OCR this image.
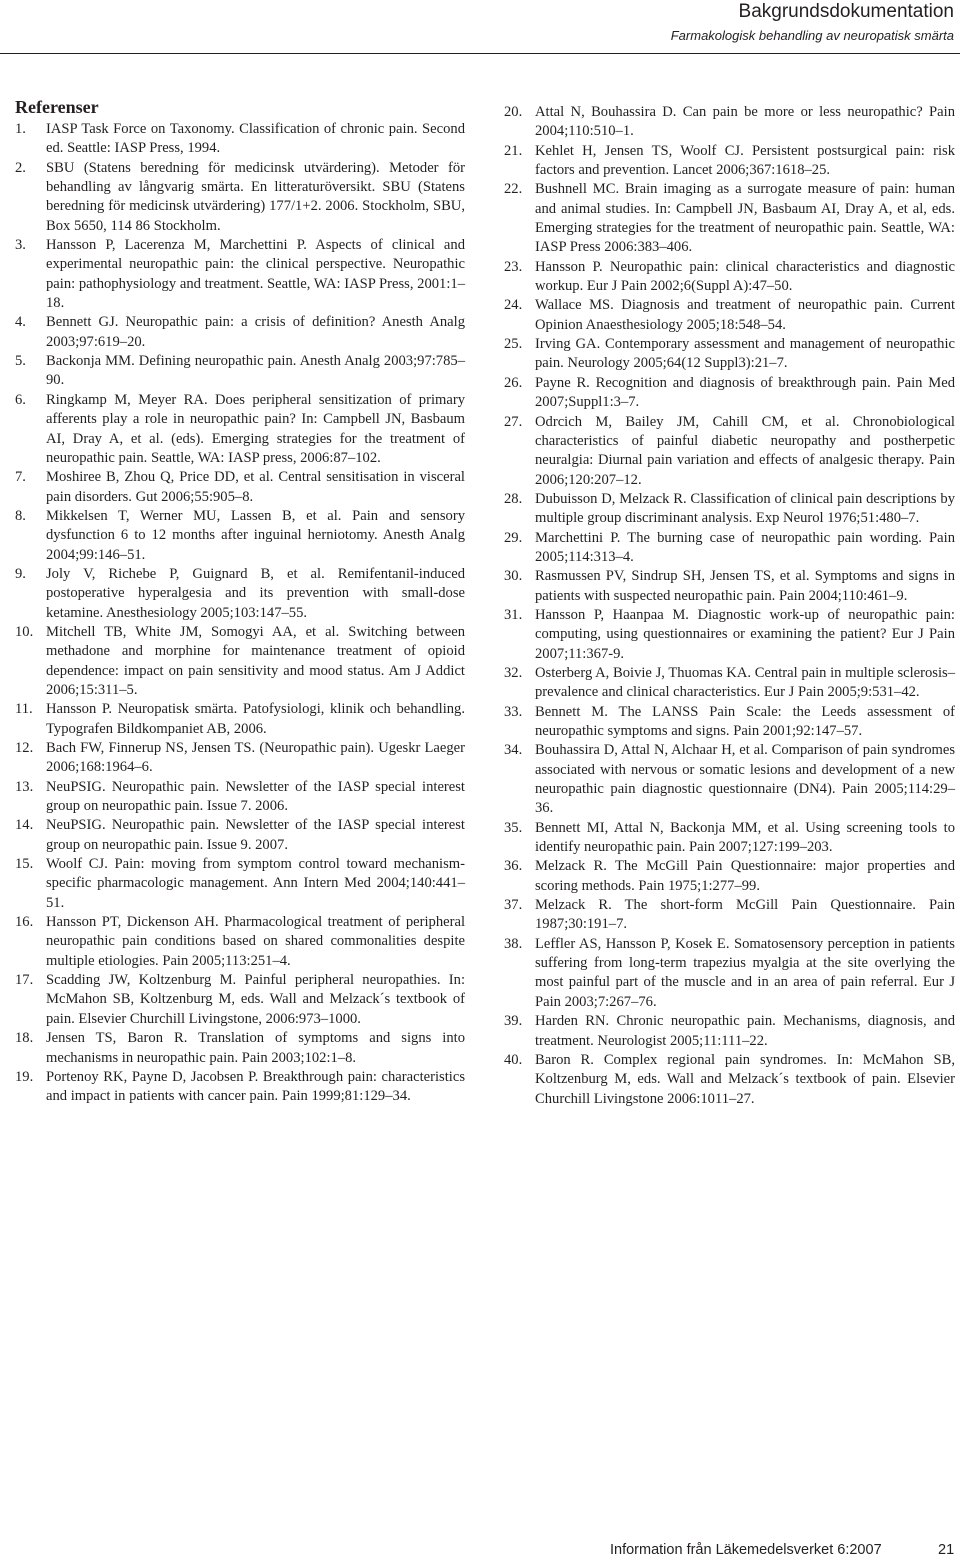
Bakgrundsdokumentation
Farmakologisk behandling av neuropatisk smärta
Referenser
1. IASP Task Force on Taxonomy. Classification of chronic pain. Second ed. Seattle: IASP Press, 1994.
2. SBU (Statens beredning för medicinsk utvärdering). Metoder för behandling av långvarig smärta. En litteraturöversikt. SBU (Statens beredning för medicinsk utvärdering) 177/1+2. 2006. Stockholm, SBU, Box 5650, 114 86 Stockholm.
3. Hansson P, Lacerenza M, Marchettini P. Aspects of clinical and experimental neuropathic pain: the clinical perspective. Neuropathic pain: pathophysiology and treatment. Seattle, WA: IASP Press, 2001:1–18.
4. Bennett GJ. Neuropathic pain: a crisis of definition? Anesth Analg 2003;97:619–20.
5. Backonja MM. Defining neuropathic pain. Anesth Analg 2003;97:785–90.
6. Ringkamp M, Meyer RA. Does peripheral sensitization of primary afferents play a role in neuropathic pain? In: Campbell JN, Basbaum AI, Dray A, et al. (eds). Emerging strategies for the treatment of neuropathic pain. Seattle, WA: IASP press, 2006:87–102.
7. Moshiree B, Zhou Q, Price DD, et al. Central sensitisation in visceral pain disorders. Gut 2006;55:905–8.
8. Mikkelsen T, Werner MU, Lassen B, et al. Pain and sensory dysfunction 6 to 12 months after inguinal herniotomy. Anesth Analg 2004;99:146–51.
9. Joly V, Richebe P, Guignard B, et al. Remifentanil-induced postoperative hyperalgesia and its prevention with small-dose ketamine. Anesthesiology 2005;103:147–55.
10. Mitchell TB, White JM, Somogyi AA, et al. Switching between methadone and morphine for maintenance treatment of opioid dependence: impact on pain sensitivity and mood status. Am J Addict 2006;15:311–5.
11. Hansson P. Neuropatisk smärta. Patofysiologi, klinik och behandling. Typografen Bildkompaniet AB, 2006.
12. Bach FW, Finnerup NS, Jensen TS. (Neuropathic pain). Ugeskr Laeger 2006;168:1964–6.
13. NeuPSIG. Neuropathic pain. Newsletter of the IASP special interest group on neuropathic pain. Issue 7. 2006.
14. NeuPSIG. Neuropathic pain. Newsletter of the IASP special interest group on neuropathic pain. Issue 9. 2007.
15. Woolf CJ. Pain: moving from symptom control toward mechanism-specific pharmacologic management. Ann Intern Med 2004;140:441–51.
16. Hansson PT, Dickenson AH. Pharmacological treatment of peripheral neuropathic pain conditions based on shared commonalities despite multiple etiologies. Pain 2005;113:251–4.
17. Scadding JW, Koltzenburg M. Painful peripheral neuropathies. In: McMahon SB, Koltzenburg M, eds. Wall and Melzack´s textbook of pain. Elsevier Churchill Livingstone, 2006:973–1000.
18. Jensen TS, Baron R. Translation of symptoms and signs into mechanisms in neuropathic pain. Pain 2003;102:1–8.
19. Portenoy RK, Payne D, Jacobsen P. Breakthrough pain: characteristics and impact in patients with cancer pain. Pain 1999;81:129–34.
20. Attal N, Bouhassira D. Can pain be more or less neuropathic? Pain 2004;110:510–1.
21. Kehlet H, Jensen TS, Woolf CJ. Persistent postsurgical pain: risk factors and prevention. Lancet 2006;367:1618–25.
22. Bushnell MC. Brain imaging as a surrogate measure of pain: human and animal studies. In: Campbell JN, Basbaum AI, Dray A, et al, eds. Emerging strategies for the treatment of neuropathic pain. Seattle, WA: IASP Press 2006:383–406.
23. Hansson P. Neuropathic pain: clinical characteristics and diagnostic workup. Eur J Pain 2002;6(Suppl A):47–50.
24. Wallace MS. Diagnosis and treatment of neuropathic pain. Current Opinion Anaesthesiology 2005;18:548–54.
25. Irving GA. Contemporary assessment and management of neuropathic pain. Neurology 2005;64(12 Suppl3):21–7.
26. Payne R. Recognition and diagnosis of breakthrough pain. Pain Med 2007;Suppl1:3–7.
27. Odrcich M, Bailey JM, Cahill CM, et al. Chronobiological characteristics of painful diabetic neuropathy and postherpetic neuralgia: Diurnal pain variation and effects of analgesic therapy. Pain 2006;120:207–12.
28. Dubuisson D, Melzack R. Classification of clinical pain descriptions by multiple group discriminant analysis. Exp Neurol 1976;51:480–7.
29. Marchettini P. The burning case of neuropathic pain wording. Pain 2005;114:313–4.
30. Rasmussen PV, Sindrup SH, Jensen TS, et al. Symptoms and signs in patients with suspected neuropathic pain. Pain 2004;110:461–9.
31. Hansson P, Haanpaa M. Diagnostic work-up of neuropathic pain: computing, using questionnaires or examining the patient? Eur J Pain 2007;11:367-9.
32. Osterberg A, Boivie J, Thuomas KA. Central pain in multiple sclerosis–prevalence and clinical characteristics. Eur J Pain 2005;9:531–42.
33. Bennett M. The LANSS Pain Scale: the Leeds assessment of neuropathic symptoms and signs. Pain 2001;92:147–57.
34. Bouhassira D, Attal N, Alchaar H, et al. Comparison of pain syndromes associated with nervous or somatic lesions and development of a new neuropathic pain diagnostic questionnaire (DN4). Pain 2005;114:29–36.
35. Bennett MI, Attal N, Backonja MM, et al. Using screening tools to identify neuropathic pain. Pain 2007;127:199–203.
36. Melzack R. The McGill Pain Questionnaire: major properties and scoring methods. Pain 1975;1:277–99.
37. Melzack R. The short-form McGill Pain Questionnaire. Pain 1987;30:191–7.
38. Leffler AS, Hansson P, Kosek E. Somatosensory perception in patients suffering from long-term trapezius myalgia at the site overlying the most painful part of the muscle and in an area of pain referral. Eur J Pain 2003;7:267–76.
39. Harden RN. Chronic neuropathic pain. Mechanisms, diagnosis, and treatment. Neurologist 2005;11:111–22.
40. Baron R. Complex regional pain syndromes. In: McMahon SB, Koltzenburg M, eds. Wall and Melzack´s textbook of pain. Elsevier Churchill Livingstone 2006:1011–27.
Information från Läkemedelsverket 6:2007	21
